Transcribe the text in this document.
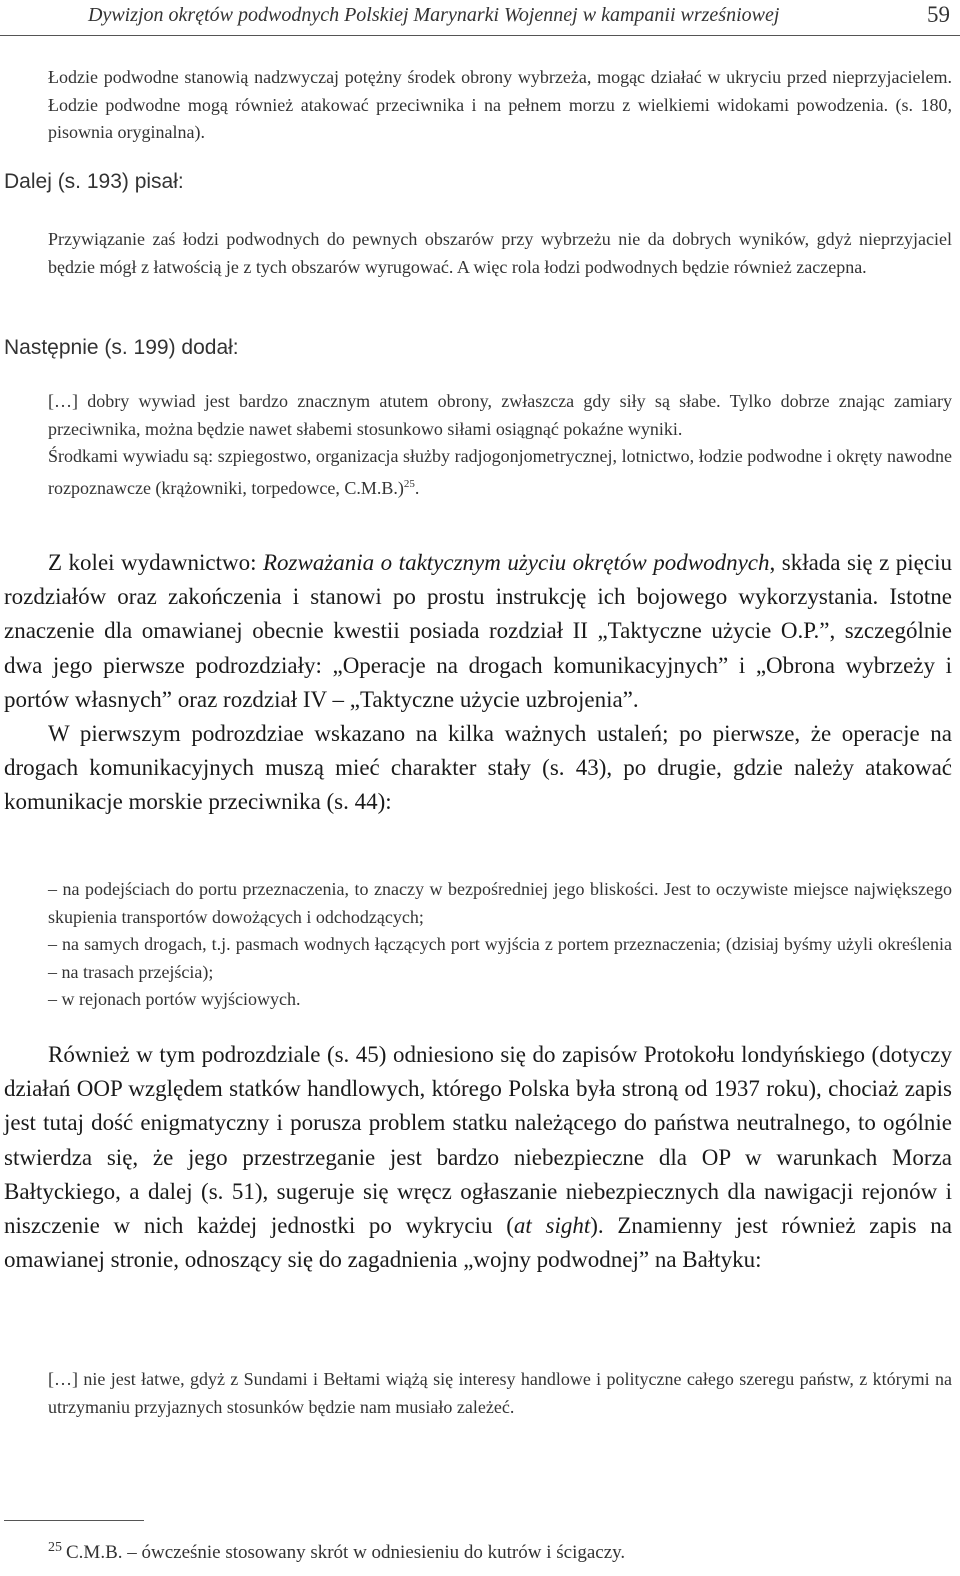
Dywizjon okrętów podwodnych Polskiej Marynarki Wojennej w kampanii wrześniowej	59

Łodzie podwodne stanowią nadzwyczaj potężny środek obrony wybrzeża, mogąc działać w ukryciu przed nieprzyjacielem. Łodzie podwodne mogą również atakować przeciwnika i na pełnem morzu z wielkiemi widokami powodzenia. (s. 180, pisownia oryginalna).

Dalej (s. 193) pisał:

Przywiązanie zaś łodzi podwodnych do pewnych obszarów przy wybrzeżu nie da dobrych wyników, gdyż nieprzyjaciel będzie mógł z łatwością je z tych obszarów wyrugować. A więc rola łodzi podwodnych będzie również zaczepna.

Następnie (s. 199) dodał:

[…] dobry wywiad jest bardzo znacznym atutem obrony, zwłaszcza gdy siły są słabe. Tylko dobrze znając zamiary przeciwnika, można będzie nawet słabemi stosunkowo siłami osiągnąć pokaźne wyniki.

Środkami wywiadu są: szpiegostwo, organizacja służby radjogonjometrycznej, lotnictwo, łodzie podwodne i okręty nawodne rozpoznawcze (krążowniki, torpedowce, C.M.B.)$^{25}$.

Z kolei wydawnictwo: Rozważania o taktycznym użyciu okrętów podwodnych, składa się z pięciu rozdziałów oraz zakończenia i stanowi po prostu instrukcję ich bojowego wykorzystania. Istotne znaczenie dla omawianej obecnie kwestii posiada rozdział II „Taktyczne użycie O.P.”, szczególnie dwa jego pierwsze podrozdziały: „Operacje na drogach komunikacyjnych” i „Obrona wybrzeży i portów własnych” oraz rozdział IV – „Taktyczne użycie uzbrojenia”.

W pierwszym podrozdziae wskazano na kilka ważnych ustaleń; po pierwsze, że operacje na drogach komunikacyjnych muszą mieć charakter stały (s. 43), po drugie, gdzie należy atakować komunikacje morskie przeciwnika (s. 44):

– na podejściach do portu przeznaczenia, to znaczy w bezpośredniej jego bliskości. Jest to oczywiste miejsce największego skupienia transportów dowożących i odchodzących;

– na samych drogach, t.j. pasmach wodnych łączących port wyjścia z portem przeznaczenia; (dzisiaj byśmy użyli określenia – na trasach przejścia);

– w rejonach portów wyjściowych.

Również w tym podrozdziale (s. 45) odniesiono się do zapisów Protokołu londyńskiego (dotyczy działań OOP względem statków handlowych, którego Polska była stroną od 1937 roku), chociaż zapis jest tutaj dość enigmatyczny i porusza problem statku należącego do państwa neutralnego, to ogólnie stwierdza się, że jego przestrzeganie jest bardzo niebezpieczne dla OP w warunkach Morza Bałtyckiego, a dalej (s. 51), sugeruje się wręcz ogłaszanie niebezpiecznych dla nawigacji rejonów i niszczenie w nich każdej jednostki po wykryciu (at sight). Znamienny jest również zapis na omawianej stronie, odnoszący się do zagadnienia „wojny podwodnej” na Bałtyku:

[…] nie jest łatwe, gdyż z Sundami i Bełtami wiążą się interesy handlowe i polityczne całego szeregu państw, z którymi na utrzymaniu przyjaznych stosunków będzie nam musiało zależeć.

$^{25}$ C.M.B. – ówcześnie stosowany skrót w odniesieniu do kutrów i ścigaczy.
